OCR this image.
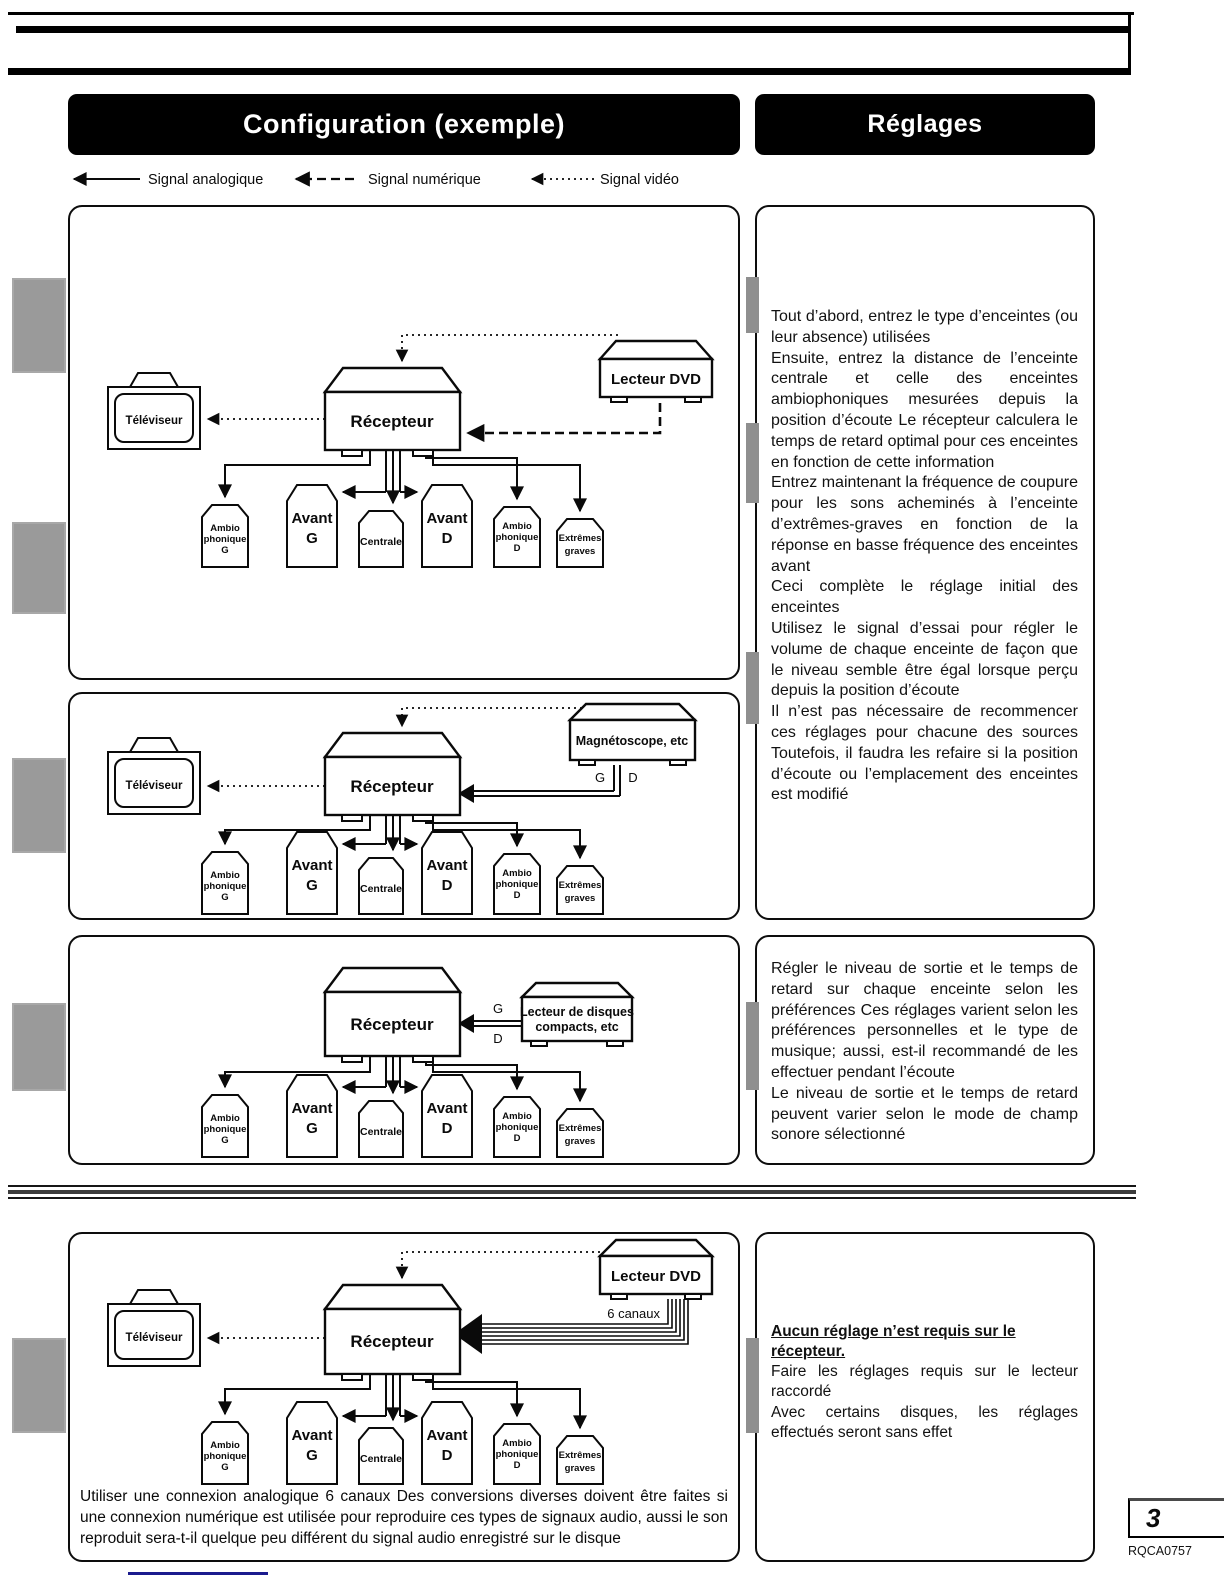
Configuration (exemple)	Réglages
Signal analogique	Signal numérique	Signal vidéo
Téléviseur	Récepteur
Lecteur DVD
Ambio
phonique
G
Avant
G	Centrale
Avant
D
Ambio
phonique
D
Extrêmes
graves
Téléviseur	Récepteur
Magnétoscope, etc
G D
Ambio
phonique
G
Avant
G	Centrale
Avant
D
Ambio
phonique
D
Extrêmes
graves
G
D
Récepteur
Lecteur de disques
compacts, etc
Ambio
phonique
G
Avant
G	Centrale
Avant
D
Ambio
phonique
D
Extrêmes
graves
6 canaux
Téléviseur	Récepteur
Lecteur DVD
Ambio
phonique
G
Avant
G	Centrale
Avant
D
Ambio
phonique
D
Extrêmes
graves
Utiliser une connexion analogique 6 canaux Des conversions diverses doivent être faites si une connexion numérique est utilisée pour reproduire ces types de signaux audio, aussi le son reproduit sera-t-il quelque peu différent du signal audio enregistré sur le disque

Tout d’abord, entrez le type d’enceintes (ou leur absence) utilisées

Ensuite, entrez la distance de l’enceinte centrale et celle des enceintes ambiophoniques mesurées depuis la position d’écoute Le récepteur calculera le temps de retard optimal pour ces enceintes en fonction de cette information

Entrez maintenant la fréquence de coupure pour les sons acheminés à l’enceinte d’extrêmes-graves en fonction de la réponse en basse fréquence des enceintes avant

Ceci complète le réglage initial des enceintes

Utilisez le signal d’essai pour régler le volume de chaque enceinte de façon que le niveau semble être égal lorsque perçu depuis la position d’écoute

Il n’est pas nécessaire de recommencer ces réglages pour chacune des sources Toutefois, il faudra les refaire si la position d’écoute ou l’emplacement des enceintes est modifié

Régler le niveau de sortie et le temps de retard sur chaque enceinte selon les préférences Ces réglages varient selon les préférences personnelles et le type de musique; aussi, est-il recommandé de les effectuer pendant l’écoute

Le niveau de sortie et le temps de retard peuvent varier selon le mode de champ sonore sélectionné

Aucun réglage n’est requis sur le récepteur.

Faire les réglages requis sur le lecteur raccordé

Avec certains disques, les réglages effectués seront sans effet

3
RQCA0757
